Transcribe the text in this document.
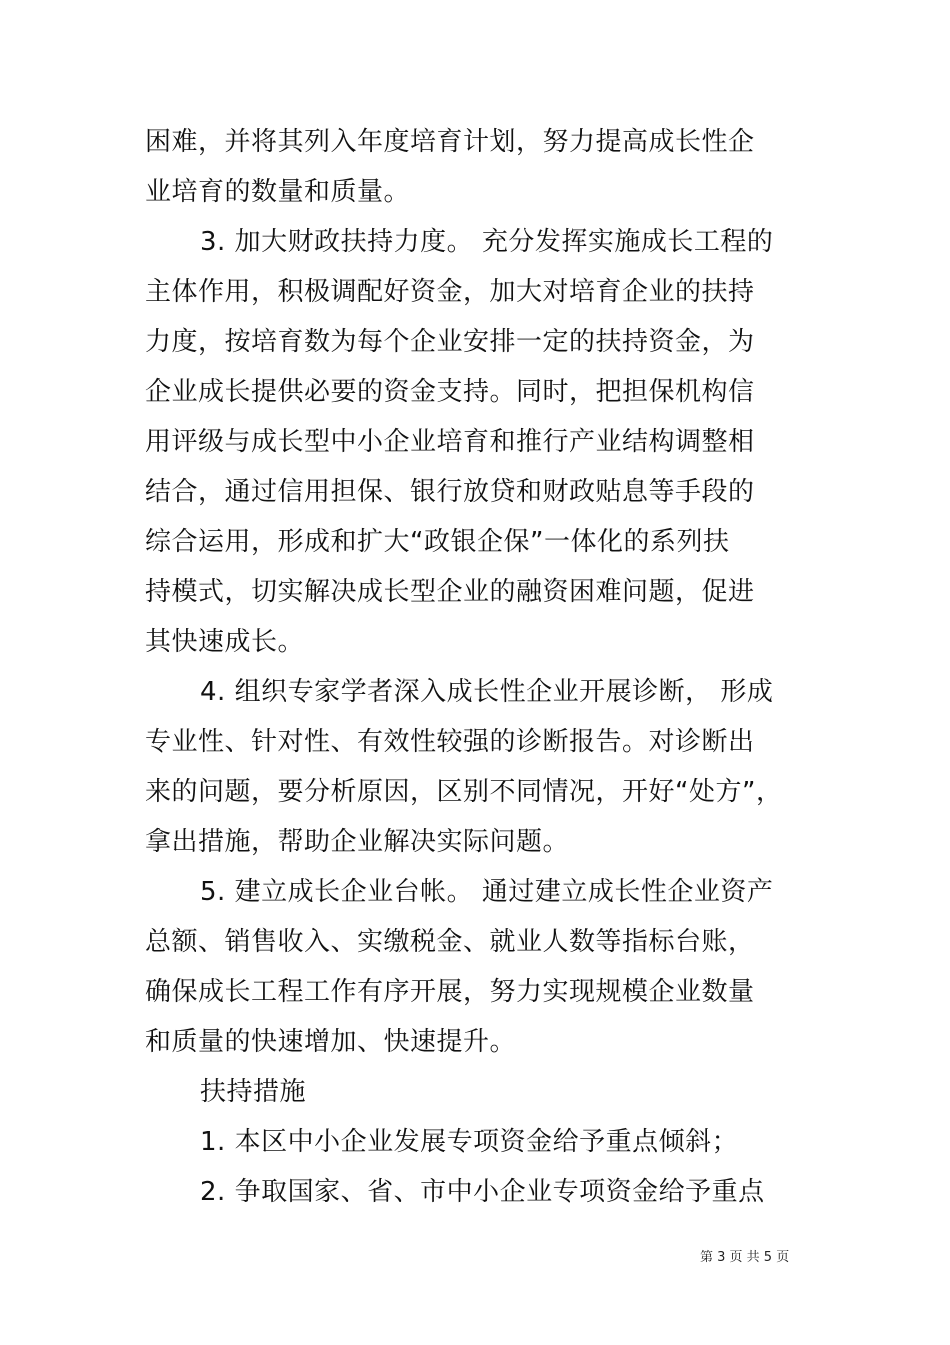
困难，并将其列入年度培育计划，努力提高成长性企
业培育的数量和质量。
3. 加大财政扶持力度。 充分发挥实施成长工程的
主体作用，积极调配好资金，加大对培育企业的扶持
力度，按培育数为每个企业安排一定的扶持资金，为
企业成长提供必要的资金支持。同时，把担保机构信
用评级与成长型中小企业培育和推行产业结构调整相
结合，通过信用担保、银行放贷和财政贴息等手段的
综合运用，形成和扩大“政银企保”一体化的系列扶
持模式，切实解决成长型企业的融资困难问题，促进
其快速成长。
4. 组织专家学者深入成长性企业开展诊断， 形成
专业性、针对性、有效性较强的诊断报告。对诊断出
来的问题，要分析原因，区别不同情况，开好“处方”，
拿出措施，帮助企业解决实际问题。
5. 建立成长企业台帐。 通过建立成长性企业资产
总额、销售收入、实缴税金、就业人数等指标台账，
确保成长工程工作有序开展，努力实现规模企业数量
和质量的快速增加、快速提升。
扶持措施
1. 本区中小企业发展专项资金给予重点倾斜；
2. 争取国家、省、市中小企业专项资金给予重点
第 3 页 共 5 页
